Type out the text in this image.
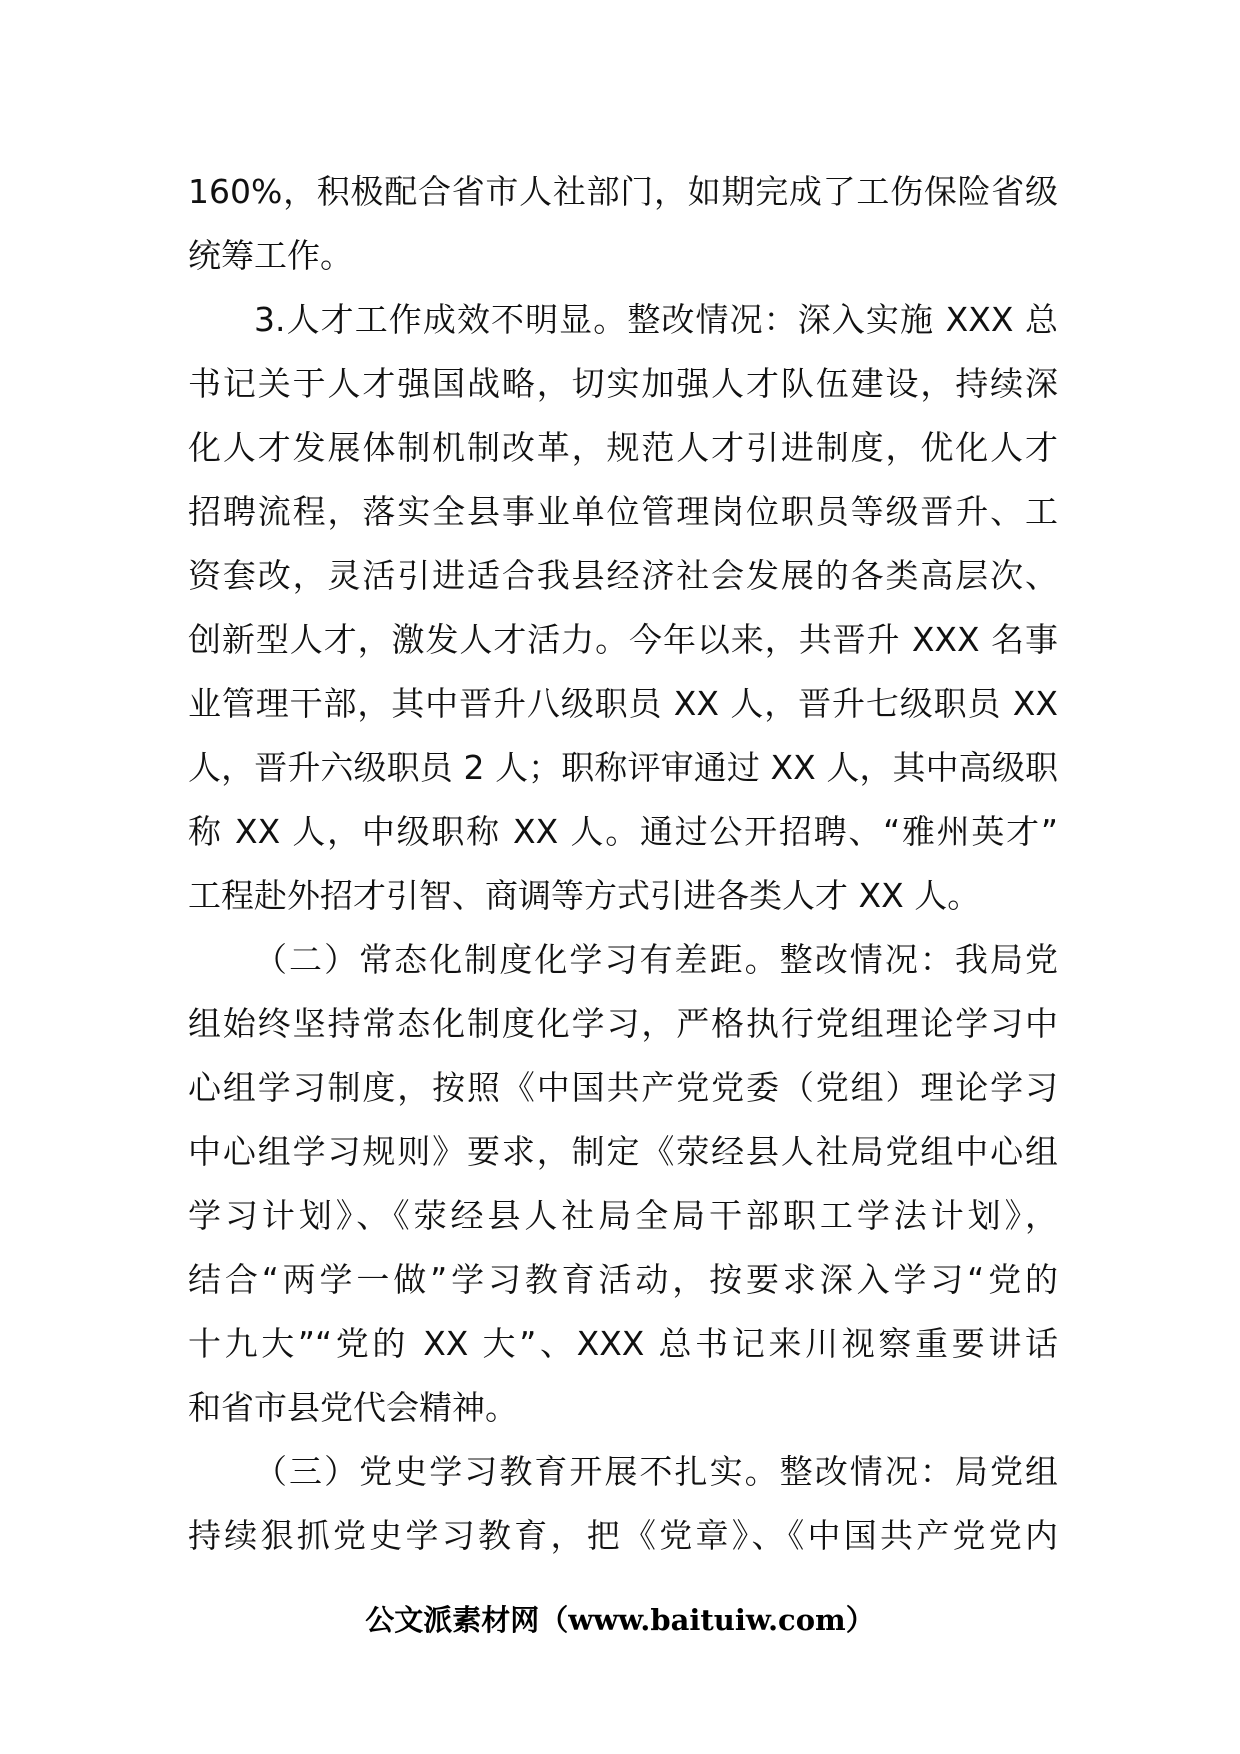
160%，积极配合省市人社部门，如期完成了工伤保险省级
统筹工作。
3.人才工作成效不明显。整改情况：深入实施 XXX 总
书记关于人才强国战略，切实加强人才队伍建设，持续深
化人才发展体制机制改革，规范人才引进制度，优化人才
招聘流程，落实全县事业单位管理岗位职员等级晋升、工
资套改，灵活引进适合我县经济社会发展的各类高层次、
创新型人才，激发人才活力。今年以来，共晋升 XXX 名事
业管理干部，其中晋升八级职员 XX 人，晋升七级职员 XX
人，晋升六级职员 2 人；职称评审通过 XX 人，其中高级职
称 XX 人，中级职称 XX 人。通过公开招聘、“雅州英才”
工程赴外招才引智、商调等方式引进各类人才 XX 人。
（二）常态化制度化学习有差距。整改情况：我局党
组始终坚持常态化制度化学习，严格执行党组理论学习中
心组学习制度，按照《中国共产党党委（党组）理论学习
中心组学习规则》要求，制定《荥经县人社局党组中心组
学习计划》、《荥经县人社局全局干部职工学法计划》，
结合“两学一做”学习教育活动，按要求深入学习“党的
十九大”“党的 XX 大”、XXX 总书记来川视察重要讲话
和省市县党代会精神。
（三）党史学习教育开展不扎实。整改情况：局党组
持续狠抓党史学习教育，把《党章》、《中国共产党党内
公文派素材网（www.baituiw.com）
